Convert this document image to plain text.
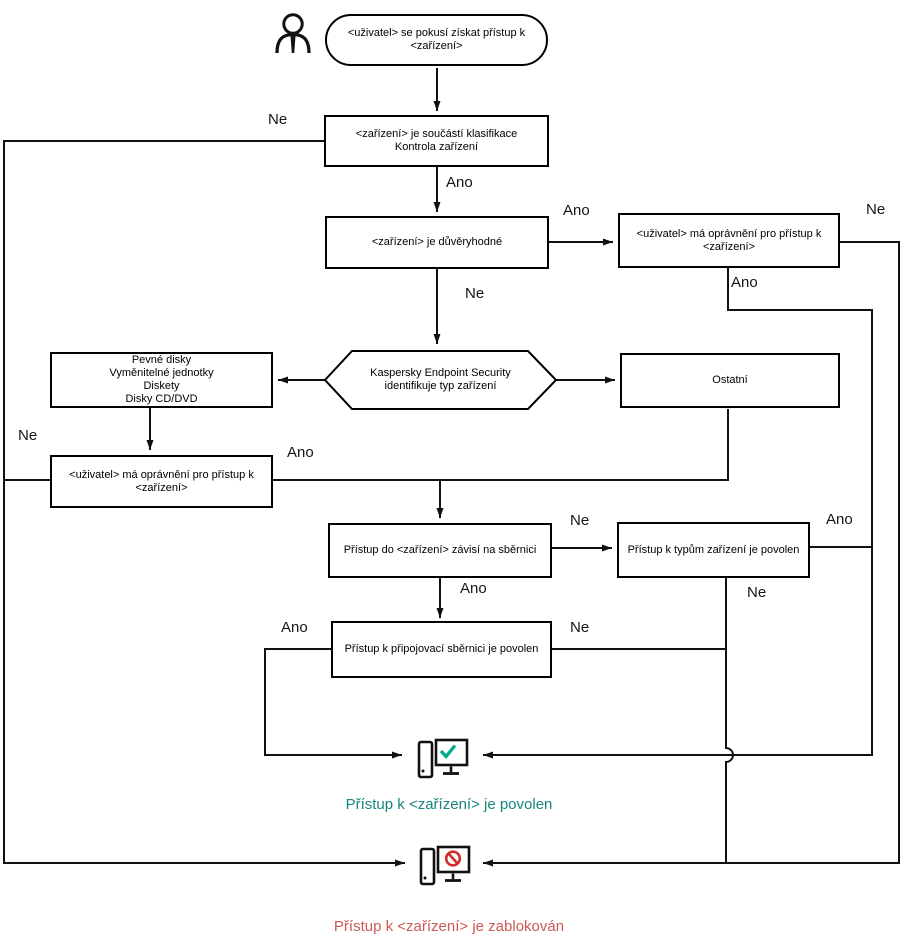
<uživatel> se pokusí získat přístup k <zařízení>
<zařízení> je součástí klasifikace Kontrola zařízení
<zařízení> je důvěryhodné
<uživatel> má oprávnění pro přístup k <zařízení>
Kaspersky Endpoint Security identifikuje typ zařízení
Pevné disky
Vyměnitelné jednotky
Diskety
Disky CD/DVD
Ostatní
<uživatel> má oprávnění pro přístup k <zařízení>
Přístup do <zařízení> závisí na sběrnici	Přístup k typům zařízení je povolen
Přístup k připojovací sběrnici je povolen
Ne
Ano
Ano	Ne
Ne
Ano
Ne
Ano
Ne	Ano
Ne
Ano
Ano	Ne
Přístup k <zařízení> je povolen
Přístup k <zařízení> je zablokován
